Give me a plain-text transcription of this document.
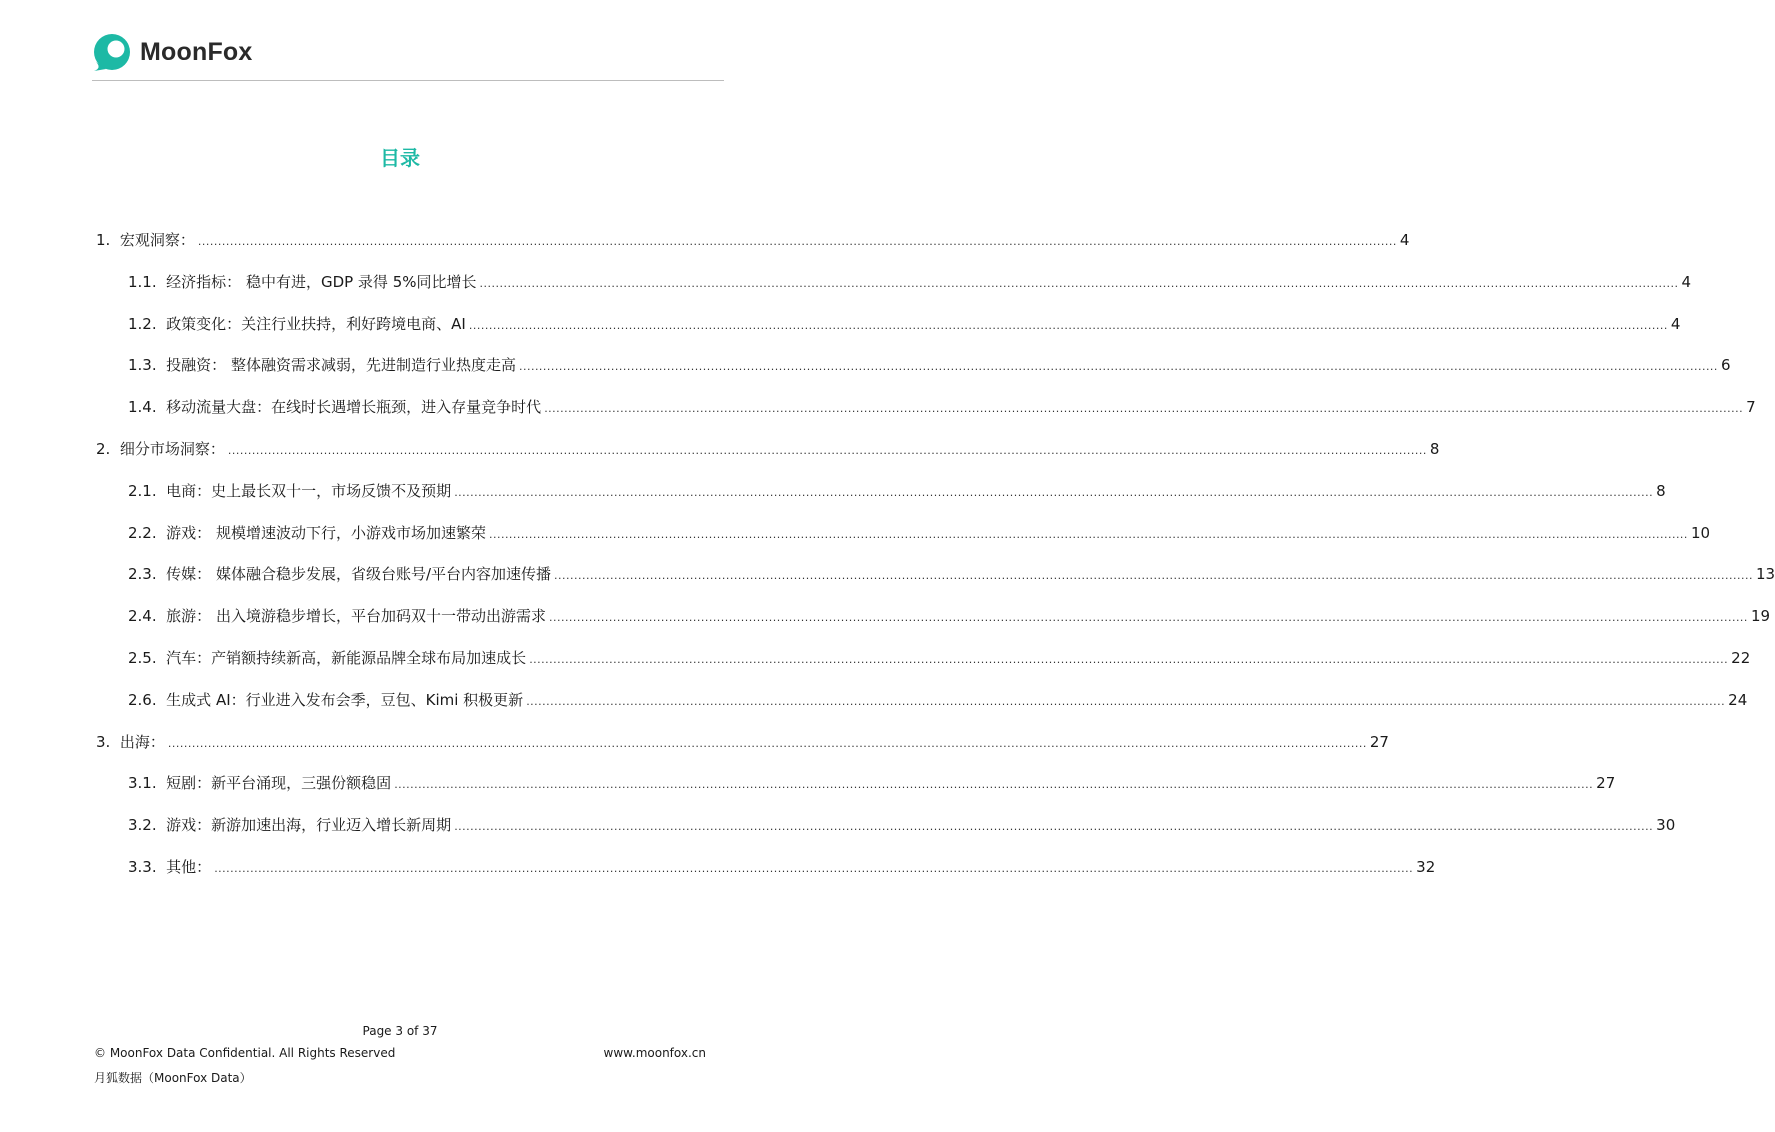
MoonFox
目录
1. 宏观洞察： ............................................................................................................................................................................................................................................................................................................ 4
1.1. 经济指标： 稳中有进，GDP 录得 5%同比增长 ............................................................................................................................................................................................................................................................................................................ 4
1.2. 政策变化：关注行业扶持，利好跨境电商、AI ............................................................................................................................................................................................................................................................................................................ 4
1.3. 投融资： 整体融资需求减弱，先进制造行业热度走高 ............................................................................................................................................................................................................................................................................................................ 6
1.4. 移动流量大盘：在线时长遇增长瓶颈，进入存量竞争时代 ............................................................................................................................................................................................................................................................................................................ 7
2. 细分市场洞察： ............................................................................................................................................................................................................................................................................................................ 8
2.1. 电商：史上最长双十一，市场反馈不及预期 ............................................................................................................................................................................................................................................................................................................ 8
2.2. 游戏： 规模增速波动下行，小游戏市场加速繁荣 ............................................................................................................................................................................................................................................................................................................ 10
2.3. 传媒： 媒体融合稳步发展，省级台账号/平台内容加速传播 ............................................................................................................................................................................................................................................................................................................ 13
2.4. 旅游： 出入境游稳步增长，平台加码双十一带动出游需求 ............................................................................................................................................................................................................................................................................................................ 19
2.5. 汽车：产销额持续新高，新能源品牌全球布局加速成长 ............................................................................................................................................................................................................................................................................................................ 22
2.6. 生成式 AI：行业进入发布会季，豆包、Kimi 积极更新 ............................................................................................................................................................................................................................................................................................................ 24
3. 出海： ............................................................................................................................................................................................................................................................................................................ 27
3.1. 短剧：新平台涌现，三强份额稳固 ............................................................................................................................................................................................................................................................................................................ 27
3.2. 游戏：新游加速出海，行业迈入增长新周期 ............................................................................................................................................................................................................................................................................................................ 30
3.3. 其他： ............................................................................................................................................................................................................................................................................................................ 32
Page 3 of 37
© MoonFox Data Confidential. All Rights Reserved	www.moonfox.cn
月狐数据（MoonFox Data）
